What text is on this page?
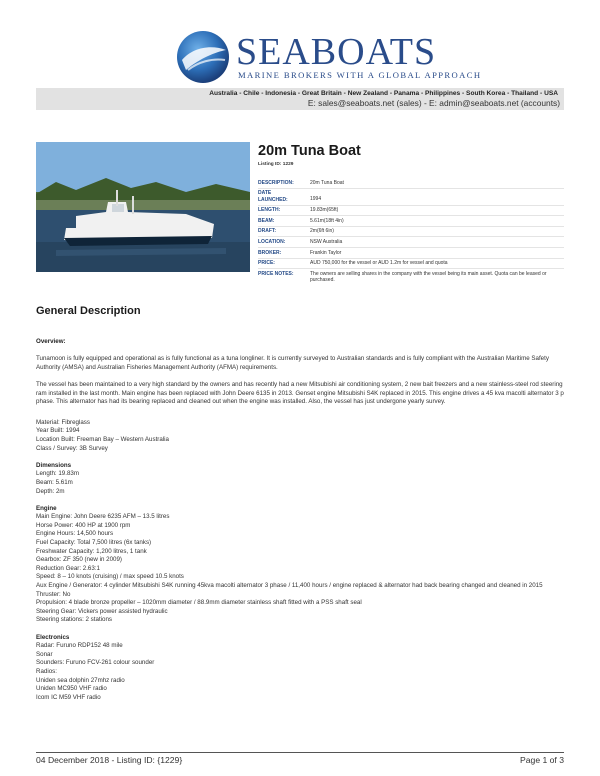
SEABOATS
MARINE BROKERS WITH A GLOBAL APPROACH
Australia - Chile - Indonesia - Great Britain - New Zealand - Panama - Philippines - South Korea - Thailand - USA
E: sales@seaboats.net (sales) - E: admin@seaboats.net (accounts)
20m Tuna Boat
Listing ID: 1229
DESCRIPTION:	20m Tuna Boat
DATE LAUNCHED:	1994
LENGTH:	19.83m(65ft)
BEAM:	5.61m(18ft 4in)
DRAFT:	2m(6ft 6in)
LOCATION:	NSW Australia
BROKER:	Frankin Taylor
PRICE:	AUD 750,000 for the vessel or AUD 1.2m for vessel and quota
PRICE NOTES:	The owners are selling shares in the company with the vessel being its main asset. Quota can be leased or purchased.
General Description

Overview:

Tunamoon is fully equipped and operational as is fully functional as a tuna longliner. It is currently surveyed to Australian standards and is fully compliant with the Australian Maritime Safety Authority (AMSA) and Australian Fisheries Management Authority (AFMA) requirements.

The vessel has been maintained to a very high standard by the owners and has recently had a new Mitsubishi air conditioning system, 2 new bait freezers and a new stainless-steel rod steering ram installed in the last month. Main engine has been replaced with John Deere 6135 in 2013. Genset engine Mitsubishi S4K replaced in 2015. This engine drives a 45 kva macolti alternator 3 p phase. This alternator has had its bearing replaced and cleaned out when the engine was installed. Also, the vessel has just undergone yearly survey.

Material: Fibreglass

Year Built: 1994

Location Built: Freeman Bay – Western Australia

Class / Survey: 3B Survey

Dimensions

Length: 19.83m

Beam: 5.61m

Depth: 2m

Engine

Main Engine: John Deere 6235 AFM – 13.5 litres

Horse Power: 400 HP at 1900 rpm

Engine Hours: 14,500 hours

Fuel Capacity: Total 7,500 litres (6x tanks)

Freshwater Capacity: 1,200 litres, 1 tank

Gearbox: ZF 350 (new in 2009)

Reduction Gear: 2.63:1

Speed: 8 – 10 knots (cruising) / max speed 10.5 knots

Aux Engine / Generator: 4 cylinder Mitsubishi S4K running 45kva macolti alternator 3 phase / 11,400 hours / engine replaced & alternator had back bearing changed and cleaned in 2015

Thruster: No

Propulsion: 4 blade bronze propeller – 1020mm diameter / 88.9mm diameter stainless shaft fitted with a PSS shaft seal

Steering Gear: Vickers power assisted hydraulic

Steering stations: 2 stations

Electronics

Radar: Furuno RDP152 48 mile

Sonar

Sounders: Furuno FCV-261 colour sounder

Radios:

Uniden sea dolphin 27mhz radio

Uniden MC950 VHF radio

Icom IC M59 VHF radio

04 December 2018 - Listing ID: {1229}	Page 1 of 3
